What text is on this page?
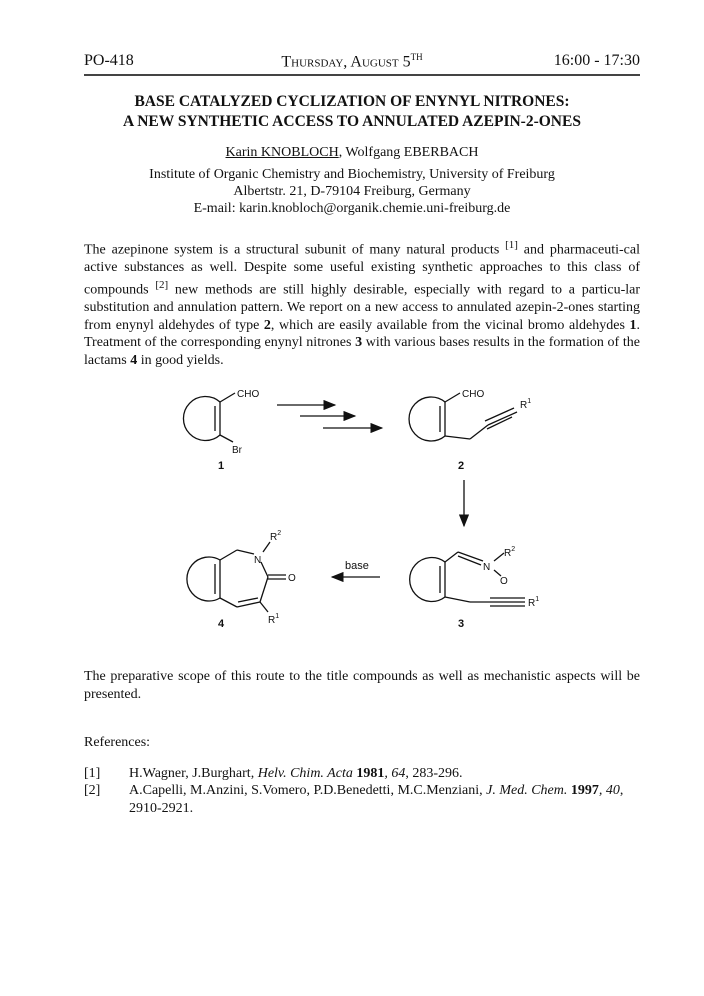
PO-418	Thursday, August 5TH	16:00 - 17:30
BASE CATALYZED CYCLIZATION OF ENYNYL NITRONES:
A NEW SYNTHETIC ACCESS TO ANNULATED AZEPIN-2-ONES
Karin KNOBLOCH, Wolfgang EBERBACH
Institute of Organic Chemistry and Biochemistry, University of Freiburg
Albertstr. 21, D-79104 Freiburg, Germany
E-mail: karin.knobloch@organik.chemie.uni-freiburg.de
The azepinone system is a structural subunit of many natural products [1] and pharmaceuti-cal active substances as well. Despite some useful existing synthetic approaches to this class of compounds [2] new methods are still highly desirable, especially with regard to a particu-lar substitution and annulation pattern. We report on a new access to annulated azepin-2-ones starting from enynyl aldehydes of type 2, which are easily available from the vicinal bromo aldehydes 1. Treatment of the corresponding enynyl nitrones 3 with various bases results in the formation of the lactams 4 in good yields.
CHO
Br
1
CHO
$R^1$
2
N
$R^2$
O
$R^1$
3
base
N
$R^2$
O
$R^1$
4
The preparative scope of this route to the title compounds as well as mechanistic aspects will be presented.
References:
[1] H.Wagner, J.Burghart, Helv. Chim. Acta 1981, 64, 283-296.
[2] A.Capelli, M.Anzini, S.Vomero, P.D.Benedetti, M.C.Menziani, J. Med. Chem. 1997, 40,
2910-2921.
